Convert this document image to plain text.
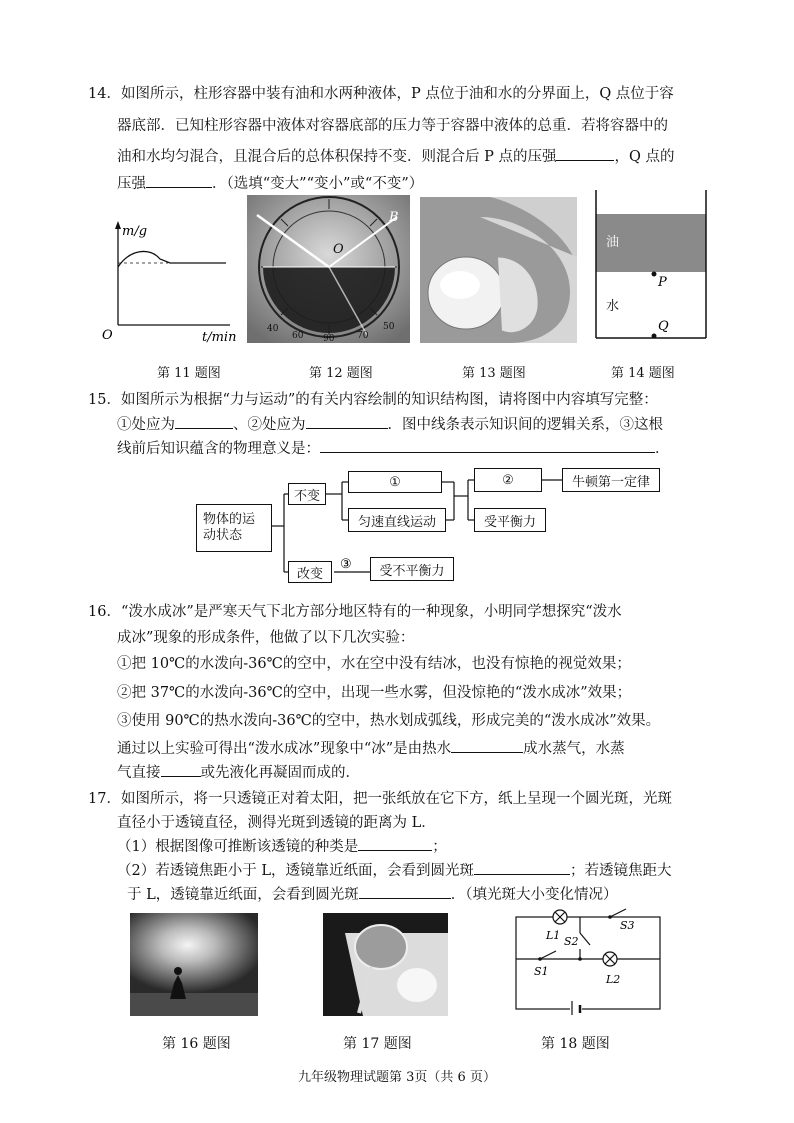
14．如图所示，柱形容器中装有油和水两种液体，P 点位于油和水的分界面上，Q 点位于容
器底部．已知柱形容器中液体对容器底部的压力等于容器中液体的总重．若将容器中的
油和水均匀混合，且混合后的总体积保持不变．则混合后 P 点的压强	，Q 点的
压强	．（选填“变大”“变小”或“不变”）
m/g
t/min
O
第 11 题图
B
O
40
60 90	70
50
第 12 题图	第 13 题图
油
水
P
Q
第 14 题图
15．如图所示为根据“力与运动”的有关内容绘制的知识结构图，请将图中内容填写完整：
①处应为	、②处应为	．图中线条表示知识间的逻辑关系，③这根
线前后知识蕴含的物理意义是：	．
③
物体的运动状态
不变
改变
①
匀速直线运动
②
受平衡力
牛顿第一定律
受不平衡力
16．“泼水成冰”是严寒天气下北方部分地区特有的一种现象，小明同学想探究“泼水
成冰”现象的形成条件，他做了以下几次实验：
①把 10℃的水泼向-36℃的空中，水在空中没有结冰，也没有惊艳的视觉效果；
②把 37℃的水泼向-36℃的空中，出现一些水雾，但没惊艳的“泼水成冰”效果；
③使用 90℃的热水泼向-36℃的空中，热水划成弧线，形成完美的“泼水成冰”效果。
通过以上实验可得出“泼水成冰”现象中“冰”是由热水	成水蒸气，水蒸
气直接	或先液化再凝固而成的．
17．如图所示，将一只透镜正对着太阳，把一张纸放在它下方，纸上呈现一个圆光斑，光斑
直径小于透镜直径，测得光斑到透镜的距离为 L．
（1）根据图像可推断该透镜的种类是	；
（2）若透镜焦距小于 L，透镜靠近纸面，会看到圆光斑	；若透镜焦距大
于 L，透镜靠近纸面，会看到圆光斑	．（填光斑大小变化情况）
第 16 题图	第 17 题图
L1 S2
S3
S1
L2
第 18 题图
九年级物理试题第 3页（共 6 页）
